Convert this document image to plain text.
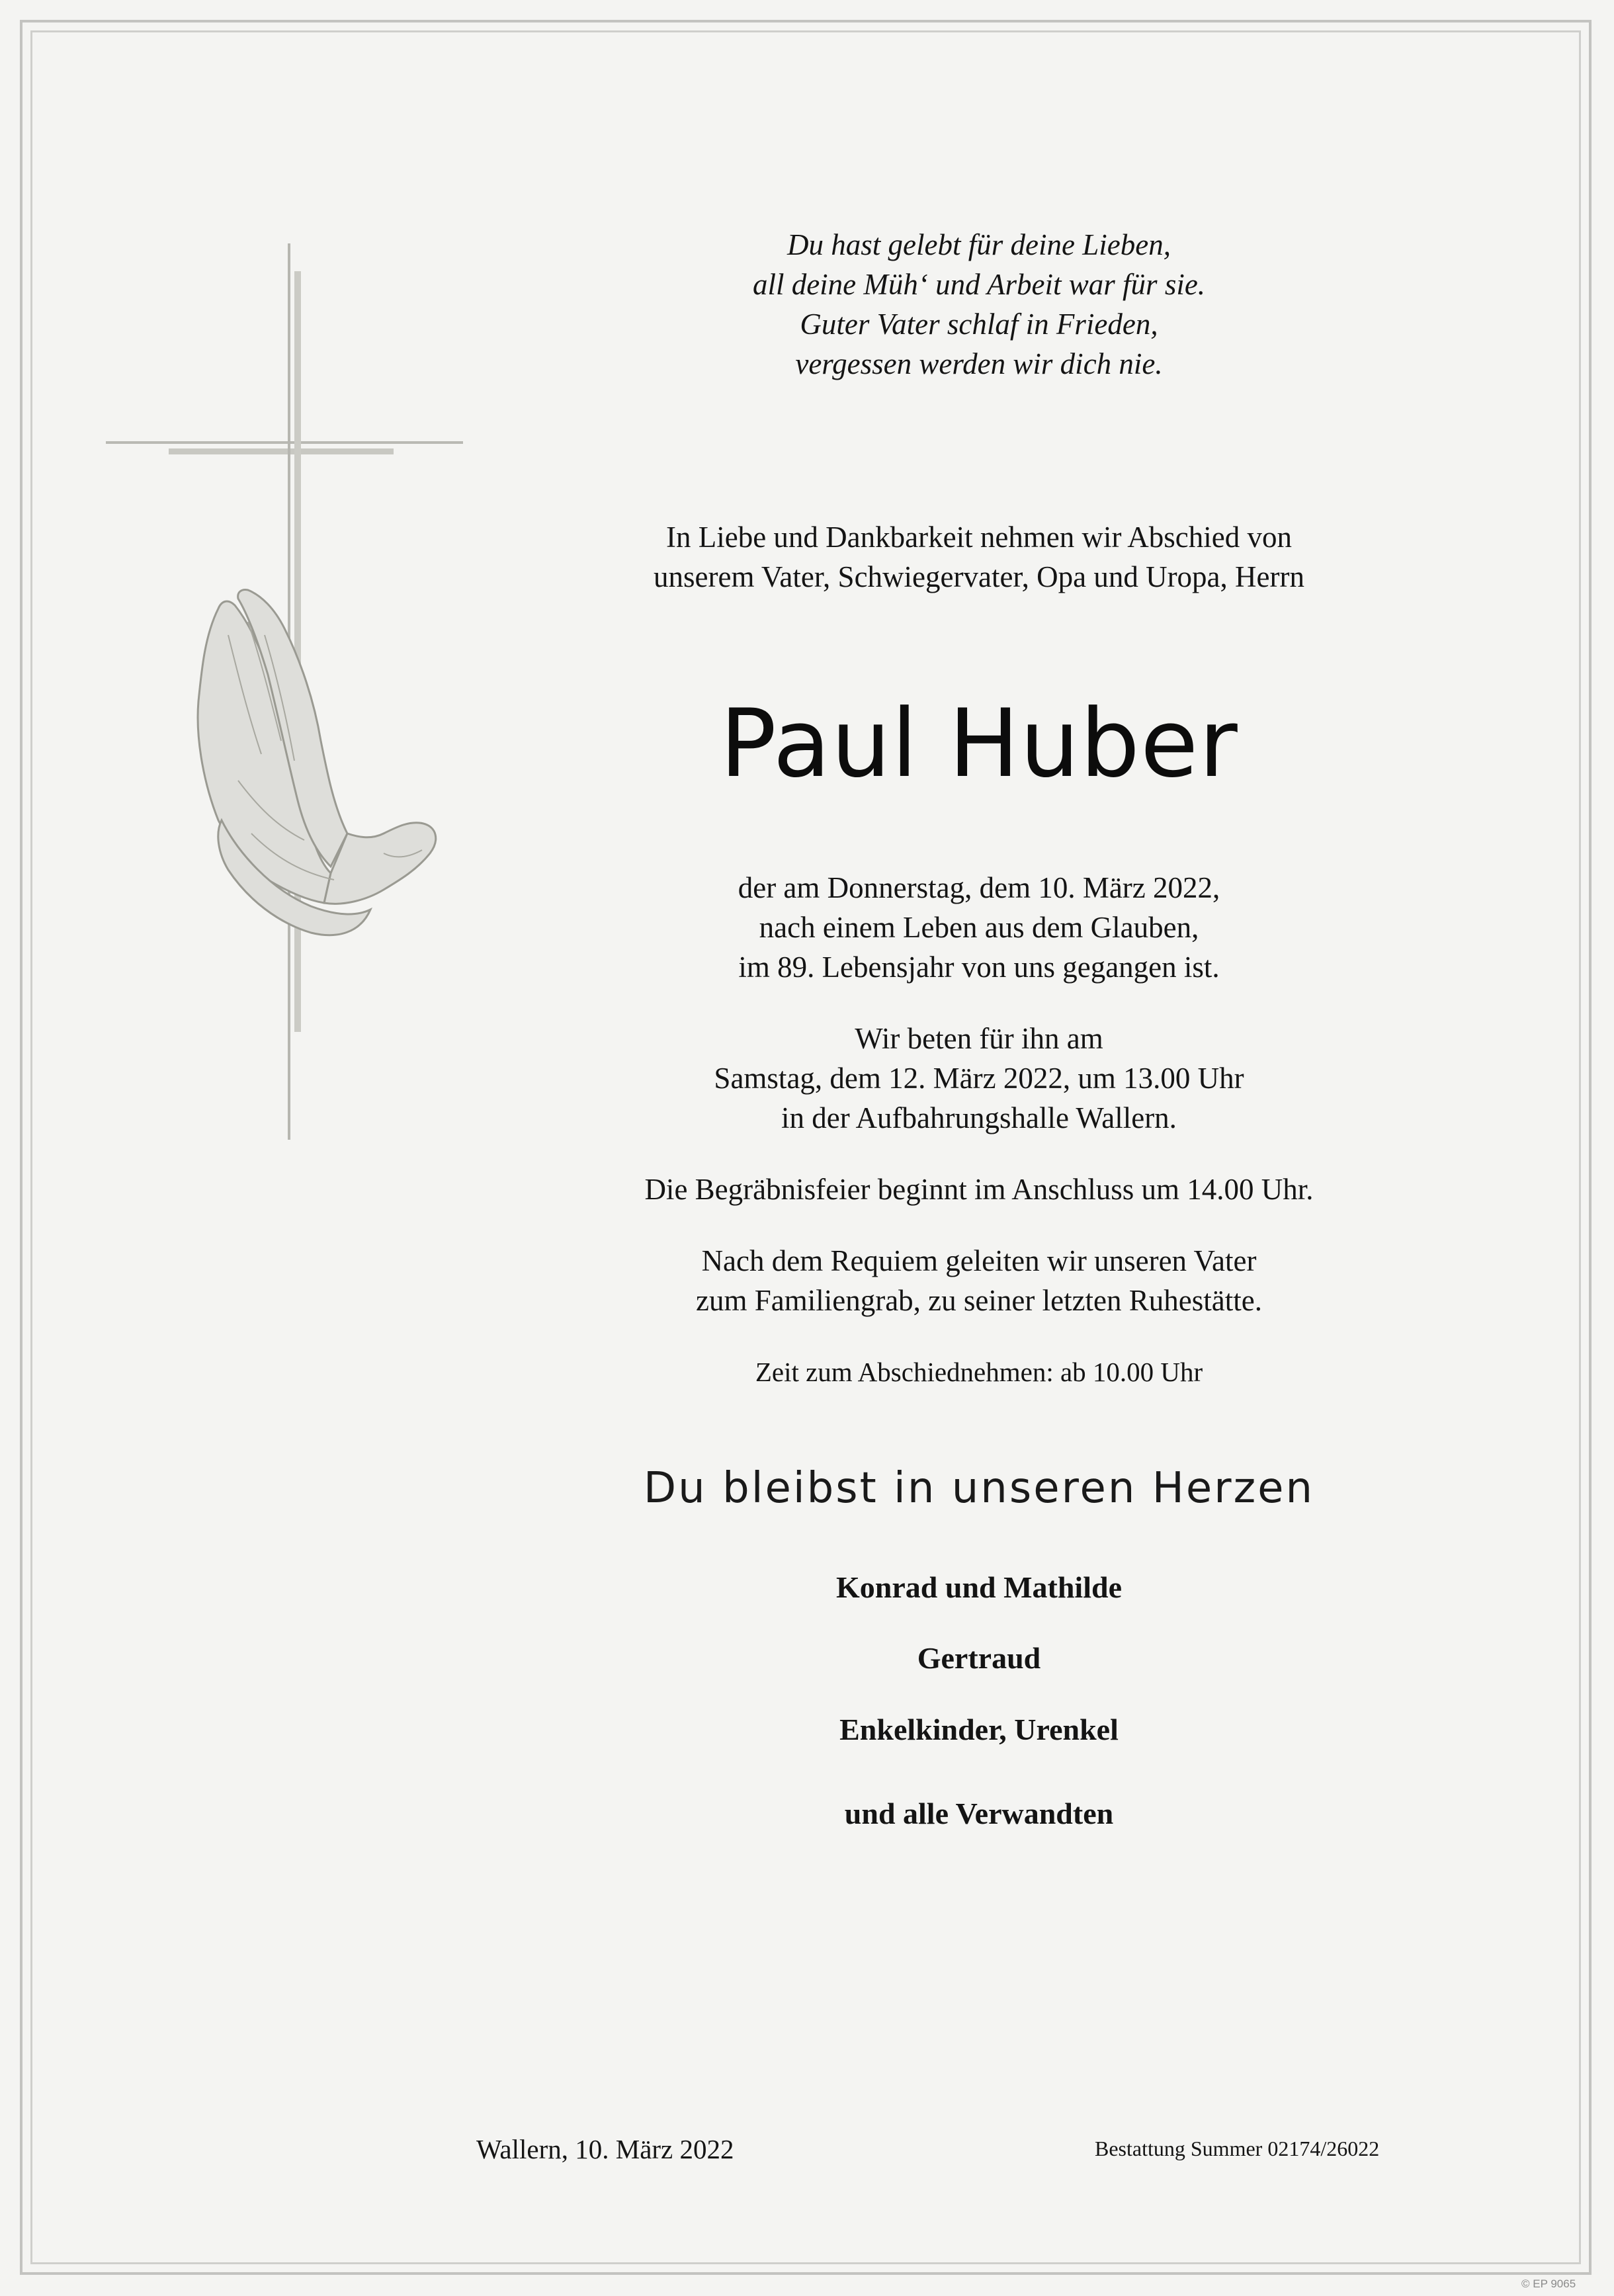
Du hast gelebt für deine Lieben,

all deine Müh‘ und Arbeit war für sie.

Guter Vater schlaf in Frieden,

vergessen werden wir dich nie.

In Liebe und Dankbarkeit nehmen wir Abschied von

unserem Vater, Schwiegervater, Opa und Uropa, Herrn

Paul Huber

der am Donnerstag, dem 10. März 2022,

nach einem Leben aus dem Glauben,

im 89. Lebensjahr von uns gegangen ist.

Wir beten für ihn am

Samstag, dem 12. März 2022, um 13.00 Uhr

in der Aufbahrungshalle Wallern.

Die Begräbnisfeier beginnt im Anschluss um 14.00 Uhr.

Nach dem Requiem geleiten wir unseren Vater

zum Familiengrab, zu seiner letzten Ruhestätte.

Zeit zum Abschiednehmen: ab 10.00 Uhr

Du bleibst in unseren Herzen
Konrad und Mathilde
Gertraud
Enkelkinder, Urenkel
und alle Verwandten
Wallern, 10. März 2022	Bestattung Summer 02174/26022
© EP 9065
